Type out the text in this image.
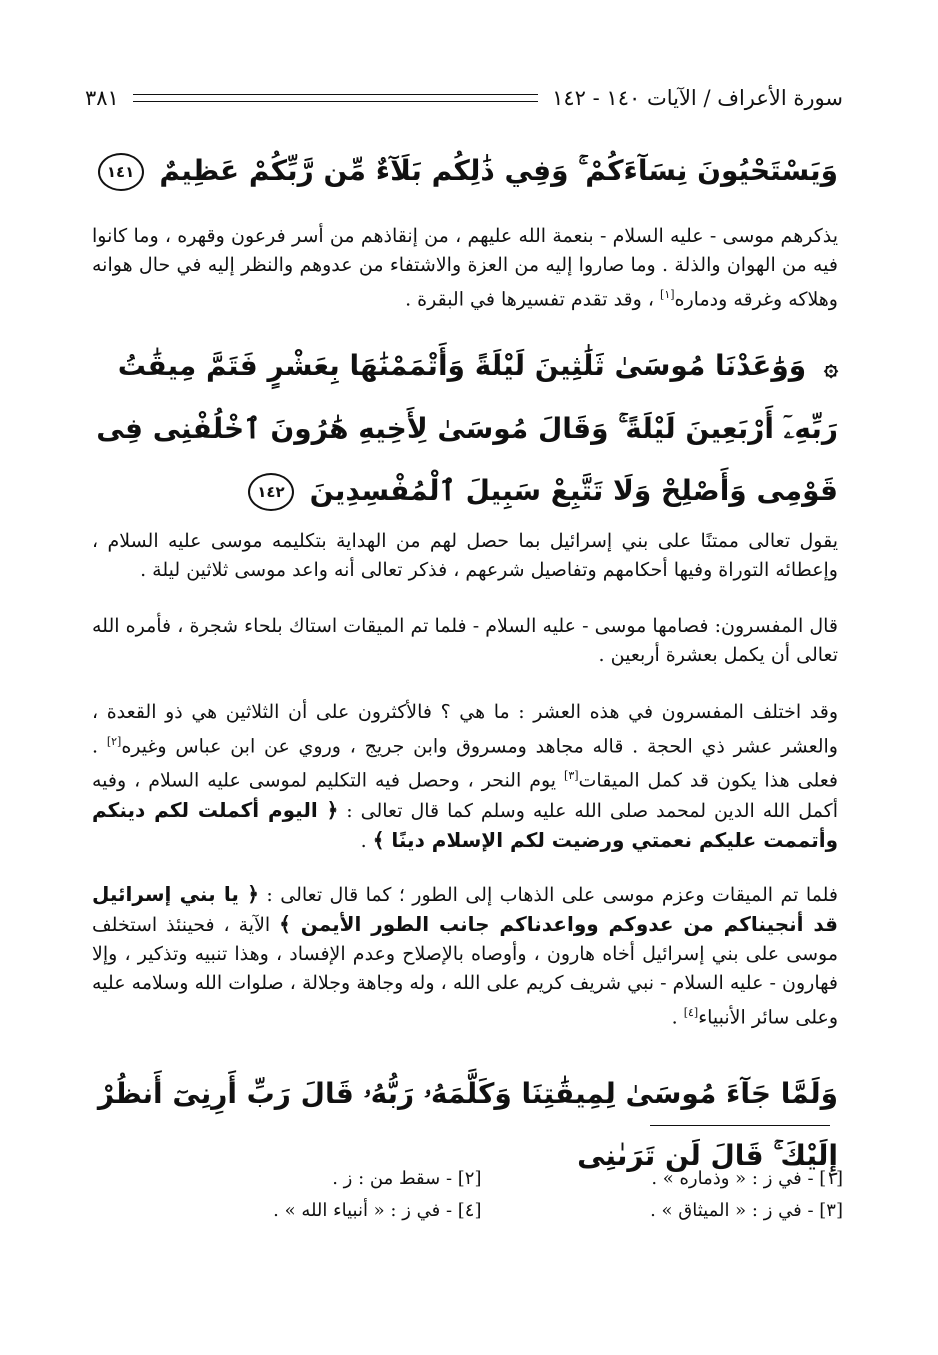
سورة الأعراف / الآيات ١٤٠ - ١٤٢
٣٨١
وَيَسْتَحْيُونَ نِسَآءَكُمْ ۚ وَفِي ذَٰلِكُم بَلَآءٌ مِّن رَّبِّكُمْ عَظِيمٌ ١٤١
يذكرهم موسى - عليه السلام - بنعمة الله عليهم ، من إنقاذهم من أسر فرعون وقهره ، وما كانوا فيه من الهوان والذلة . وما صاروا إليه من العزة والاشتفاء من عدوهم والنظر إليه في حال هوانه وهلاكه وغرقه ودماره[١] ، وقد تقدم تفسيرها في البقرة .
۞ وَوَٰعَدْنَا مُوسَىٰ ثَلَٰثِينَ لَيْلَةً وَأَتْمَمْنَٰهَا بِعَشْرٍ فَتَمَّ مِيقَٰتُ رَبِّهِۦٓ أَرْبَعِينَ لَيْلَةً ۚ وَقَالَ مُوسَىٰ لِأَخِيهِ هَٰرُونَ ٱخْلُفْنِى فِى قَوْمِى وَأَصْلِحْ وَلَا تَتَّبِعْ سَبِيلَ ٱلْمُفْسِدِينَ ١٤٢
يقول تعالى ممتنًا على بني إسرائيل بما حصل لهم من الهداية بتكليمه موسى عليه السلام ، وإعطائه التوراة وفيها أحكامهم وتفاصيل شرعهم ، فذكر تعالى أنه واعد موسى ثلاثين ليلة .
قال المفسرون: فصامها موسى - عليه السلام - فلما تم الميقات استاك بلحاء شجرة ، فأمره الله تعالى أن يكمل بعشرة أربعين .
وقد اختلف المفسرون في هذه العشر : ما هي ؟ فالأكثرون على أن الثلاثين هي ذو القعدة ، والعشر عشر ذي الحجة . قاله مجاهد ومسروق وابن جريج ، وروي عن ابن عباس وغيره[٢] . فعلى هذا يكون قد كمل الميقات[٣] يوم النحر ، وحصل فيه التكليم لموسى عليه السلام ، وفيه أكمل الله الدين لمحمد صلى الله عليه وسلم كما قال تعالى : ﴿ اليوم أكملت لكم دينكم وأتممت عليكم نعمتي ورضيت لكم الإسلام دينًا ﴾ .
فلما تم الميقات وعزم موسى على الذهاب إلى الطور ؛ كما قال تعالى : ﴿ يا بني إسرائيل قد أنجيناكم من عدوكم وواعدناكم جانب الطور الأيمن ﴾ الآية ، فحينئذ استخلف موسى على بني إسرائيل أخاه هارون ، وأوصاه بالإصلاح وعدم الإفساد ، وهذا تنبيه وتذكير ، وإلا فهارون - عليه السلام - نبي شريف كريم على الله ، وله وجاهة وجلالة ، صلوات الله وسلامه عليه وعلى سائر الأنبياء[٤] .
وَلَمَّا جَآءَ مُوسَىٰ لِمِيقَٰتِنَا وَكَلَّمَهُۥ رَبُّهُۥ قَالَ رَبِّ أَرِنِىٓ أَنظُرْ إِلَيْكَ ۚ قَالَ لَن تَرَىٰنِى
[١] - في ز : « وذماره » .
[٢] - سقط من : ز .
[٣] - في ز : « الميثاق » .
[٤] - في ز : « أنبياء الله » .
